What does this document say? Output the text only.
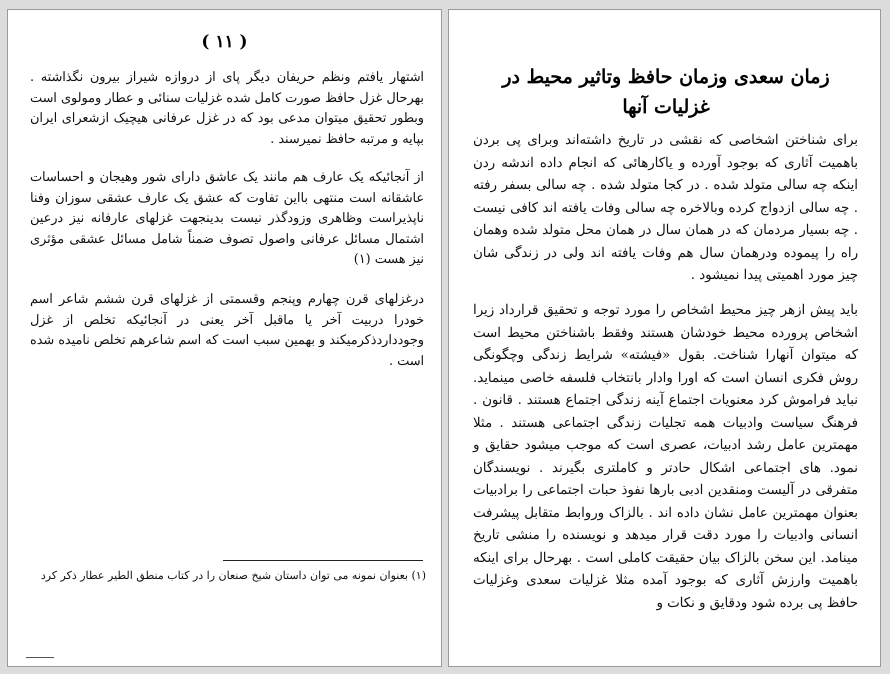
( ١١ )

اشتهار یافتم ونظم حریفان دیگر پای از دروازه شیراز بیرون نگذاشته . بهرحال غزل حافظ صورت کامل شده غزلیات سنائی و عطار ومولوی است وبطور تحقیق میتوان مدعی بود که در غزل عرفانی هیچیک ازشعرای ایران بپایه و مرتبه حافظ نمیرسند .

از آنجائیکه یک عارف هم مانند یک عاشق دارای شور وهیجان و احساسات عاشقانه است منتهی بااین تفاوت که عشق یک عارف عشقی سوزان وفنا ناپذیراست وظاهری وزودگذر نیست بدینجهت غزلهای عارفانه نیز درعین اشتمال مسائل عرفانی واصول تصوف ضمناً شامل مسائل عشقی مؤثری نیز هست (١)

درغزلهای قرن چهارم وپنجم وقسمتی از غزلهای قرن ششم شاعر اسم خودرا دربیت آخر یا ماقبل آخر یعنی در آنجائیکه تخلص از غزل وجودداردذکرمیکند و بهمین سبب است که اسم شاعرهم تخلص نامیده شده است .

(١) بعنوان نمونه می توان داستان شیخ صنعان را در کتاب منطق الطیر عطار ذکر کرد
زمان سعدی وزمان حافظ وتاثیر محیط در غزلیات آنها

برای شناختن اشخاصی که نقشی در تاریخ داشته‌اند وبرای پی بردن باهمیت آثاری که بوجود آورده و یاکارهائی که انجام داده اندشه ردن اینکه چه سالی متولد شده . در کجا متولد شده . چه سالی بسفر رفته . چه سالی ازدواج کرده وبالاخره چه سالی وفات یافته اند کافی نیست . چه بسیار مردمان که در همان سال در همان محل متولد شده وهمان راه را پیموده ودرهمان سال هم وفات یافته اند ولی در زندگی شان چیز مورد اهمیتی پیدا نمیشود .

باید پیش ازهر چیز محیط اشخاص را مورد توجه و تحقیق قرارداد زیرا اشخاص پرورده محیط خودشان هستند وفقط باشناختن محیط است که میتوان آنهارا شناخت. بقول «فیشته» شرایط زندگی وچگونگی روش فکری انسان است که اورا وادار بانتخاب فلسفه خاصی مینماید. نباید فراموش کرد معنویات اجتماع آینه زندگی اجتماع هستند . قانون . فرهنگ سیاست وادبیات همه تجلیات زندگی اجتماعی هستند . مثلا مهمترین عامل رشد ادبیات، عصری است که موجب میشود حقایق و نمود. های اجتماعی اشکال حادتر و کاملتری بگیرند . نویسندگان متفرقی در آلیست ومنقدین ادبی بارها نفوذ حبات اجتماعی را برادبیات بعنوان مهمترین عامل نشان داده اند . بالزاک وروابط متقابل پیشرفت انسانی وادبیات را مورد دقت قرار میدهد و نویسنده را منشی تاریخ مینامد. این سخن بالزاک بیان حقیقت کاملی است . بهرحال برای اینکه باهمیت وارزش آثاری که بوجود آمده مثلا غزلیات سعدی وغزلیات حافظ پی برده شود ودقایق و نکات و
